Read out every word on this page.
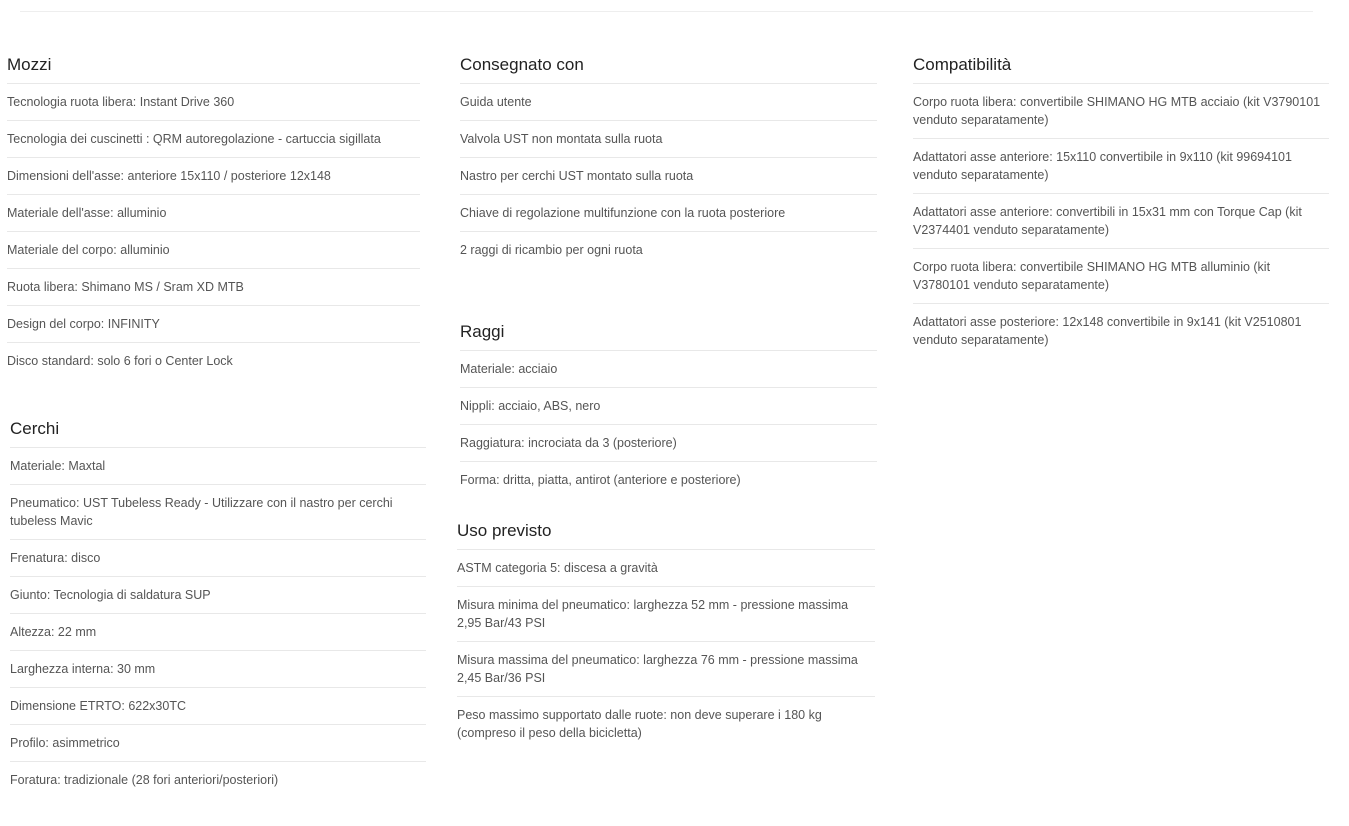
Mozzi
Tecnologia ruota libera: Instant Drive 360
Tecnologia dei cuscinetti : QRM autoregolazione - cartuccia sigillata
Dimensioni dell'asse: anteriore 15x110 / posteriore 12x148
Materiale dell'asse: alluminio
Materiale del corpo: alluminio
Ruota libera: Shimano MS / Sram XD MTB
Design del corpo: INFINITY
Disco standard: solo 6 fori o Center Lock
Cerchi
Materiale: Maxtal
Pneumatico: UST Tubeless Ready - Utilizzare con il nastro per cerchi tubeless Mavic
Frenatura: disco
Giunto: Tecnologia di saldatura SUP
Altezza: 22 mm
Larghezza interna: 30 mm
Dimensione ETRTO: 622x30TC
Profilo: asimmetrico
Foratura: tradizionale (28 fori anteriori/posteriori)
Consegnato con
Guida utente
Valvola UST non montata sulla ruota
Nastro per cerchi UST montato sulla ruota
Chiave di regolazione multifunzione con la ruota posteriore
2 raggi di ricambio per ogni ruota
Raggi
Materiale: acciaio
Nippli: acciaio, ABS, nero
Raggiatura: incrociata da 3 (posteriore)
Forma: dritta, piatta, antirot (anteriore e posteriore)
Uso previsto
ASTM categoria 5: discesa a gravità
Misura minima del pneumatico: larghezza 52 mm - pressione massima 2,95 Bar/43 PSI
Misura massima del pneumatico: larghezza 76 mm - pressione massima 2,45 Bar/36 PSI
Peso massimo supportato dalle ruote: non deve superare i 180 kg (compreso il peso della bicicletta)
Compatibilità
Corpo ruota libera: convertibile SHIMANO HG MTB acciaio (kit V3790101 venduto separatamente)
Adattatori asse anteriore: 15x110 convertibile in 9x110 (kit 99694101 venduto separatamente)
Adattatori asse anteriore: convertibili in 15x31 mm con Torque Cap (kit V2374401 venduto separatamente)
Corpo ruota libera: convertibile SHIMANO HG MTB alluminio (kit V3780101 venduto separatamente)
Adattatori asse posteriore: 12x148 convertibile in 9x141 (kit V2510801 venduto separatamente)
